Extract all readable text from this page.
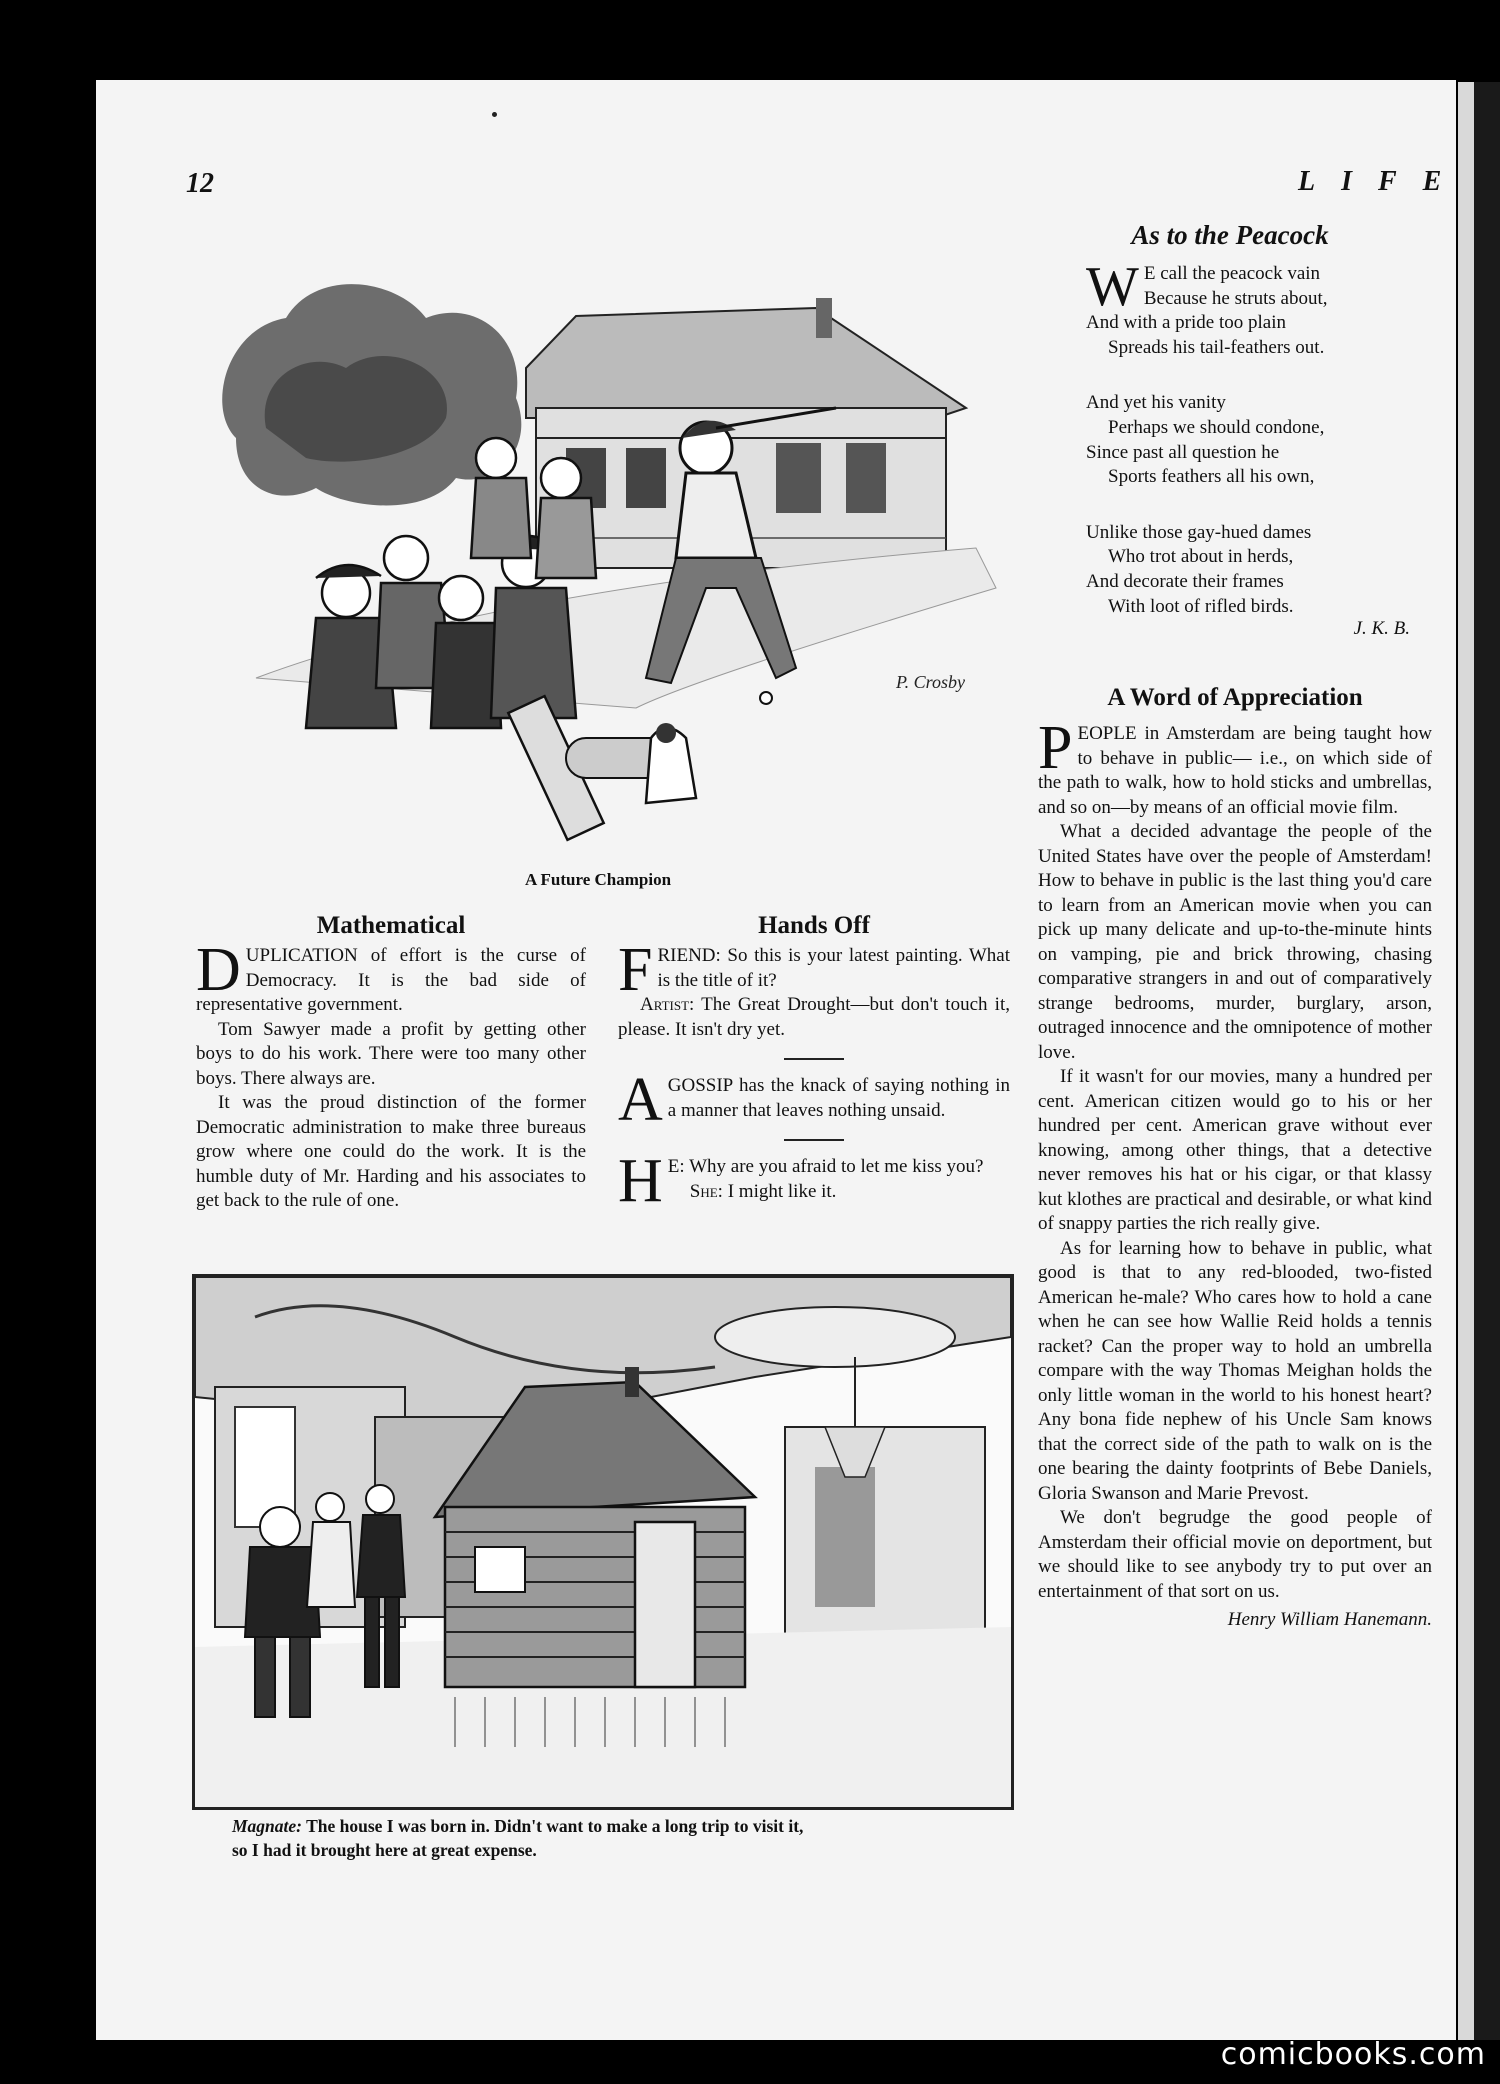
12	LIFE
P. Crosby
A Future Champion
Mathematical

DUPLICATION of effort is the curse of Democracy. It is the bad side of representative government.

Tom Sawyer made a profit by getting other boys to do his work. There were too many other boys. There always are.

It was the proud distinction of the former Democratic administration to make three bureaus grow where one could do the work. It is the humble duty of Mr. Harding and his associates to get back to the rule of one.

Hands Off

FRIEND: So this is your latest painting. What is the title of it?

Artist: The Great Drought—but don't touch it, please. It isn't dry yet.

AGOSSIP has the knack of saying nothing in a manner that leaves nothing unsaid.

H E: Why are you afraid to let me kiss you?

She: I might like it.

Magnate: The house I was born in. Didn't want to make a long trip to visit it,
so I had it brought here at great expense.
As to the Peacock
W E call the peacock vain
Because he struts about,
And with a pride too plain
Spreads his tail-feathers out.
And yet his vanity
Perhaps we should condone,
Since past all question he
Sports feathers all his own,
Unlike those gay-hued dames
Who trot about in herds,
And decorate their frames
With loot of rifled birds.
J. K. B.
A Word of Appreciation

PEOPLE in Amsterdam are being taught how to behave in public— i.e., on which side of the path to walk, how to hold sticks and umbrellas, and so on—by means of an official movie film.

What a decided advantage the people of the United States have over the people of Amsterdam! How to behave in public is the last thing you'd care to learn from an American movie when you can pick up many delicate and up-to-the-minute hints on vamping, pie and brick throwing, chasing comparative strangers in and out of comparatively strange bedrooms, murder, burglary, arson, outraged innocence and the omnipotence of mother love.

If it wasn't for our movies, many a hundred per cent. American citizen would go to his or her hundred per cent. American grave without ever knowing, among other things, that a detective never removes his hat or his cigar, or that klassy kut klothes are practical and desirable, or what kind of snappy parties the rich really give.

As for learning how to behave in public, what good is that to any red-blooded, two-fisted American he-male? Who cares how to hold a cane when he can see how Wallie Reid holds a tennis racket? Can the proper way to hold an umbrella compare with the way Thomas Meighan holds the only little woman in the world to his honest heart? Any bona fide nephew of his Uncle Sam knows that the correct side of the path to walk on is the one bearing the dainty footprints of Bebe Daniels, Gloria Swanson and Marie Prevost.

We don't begrudge the good people of Amsterdam their official movie on deportment, but we should like to see anybody try to put over an entertainment of that sort on us.

Henry William Hanemann.
comicbooks.com
